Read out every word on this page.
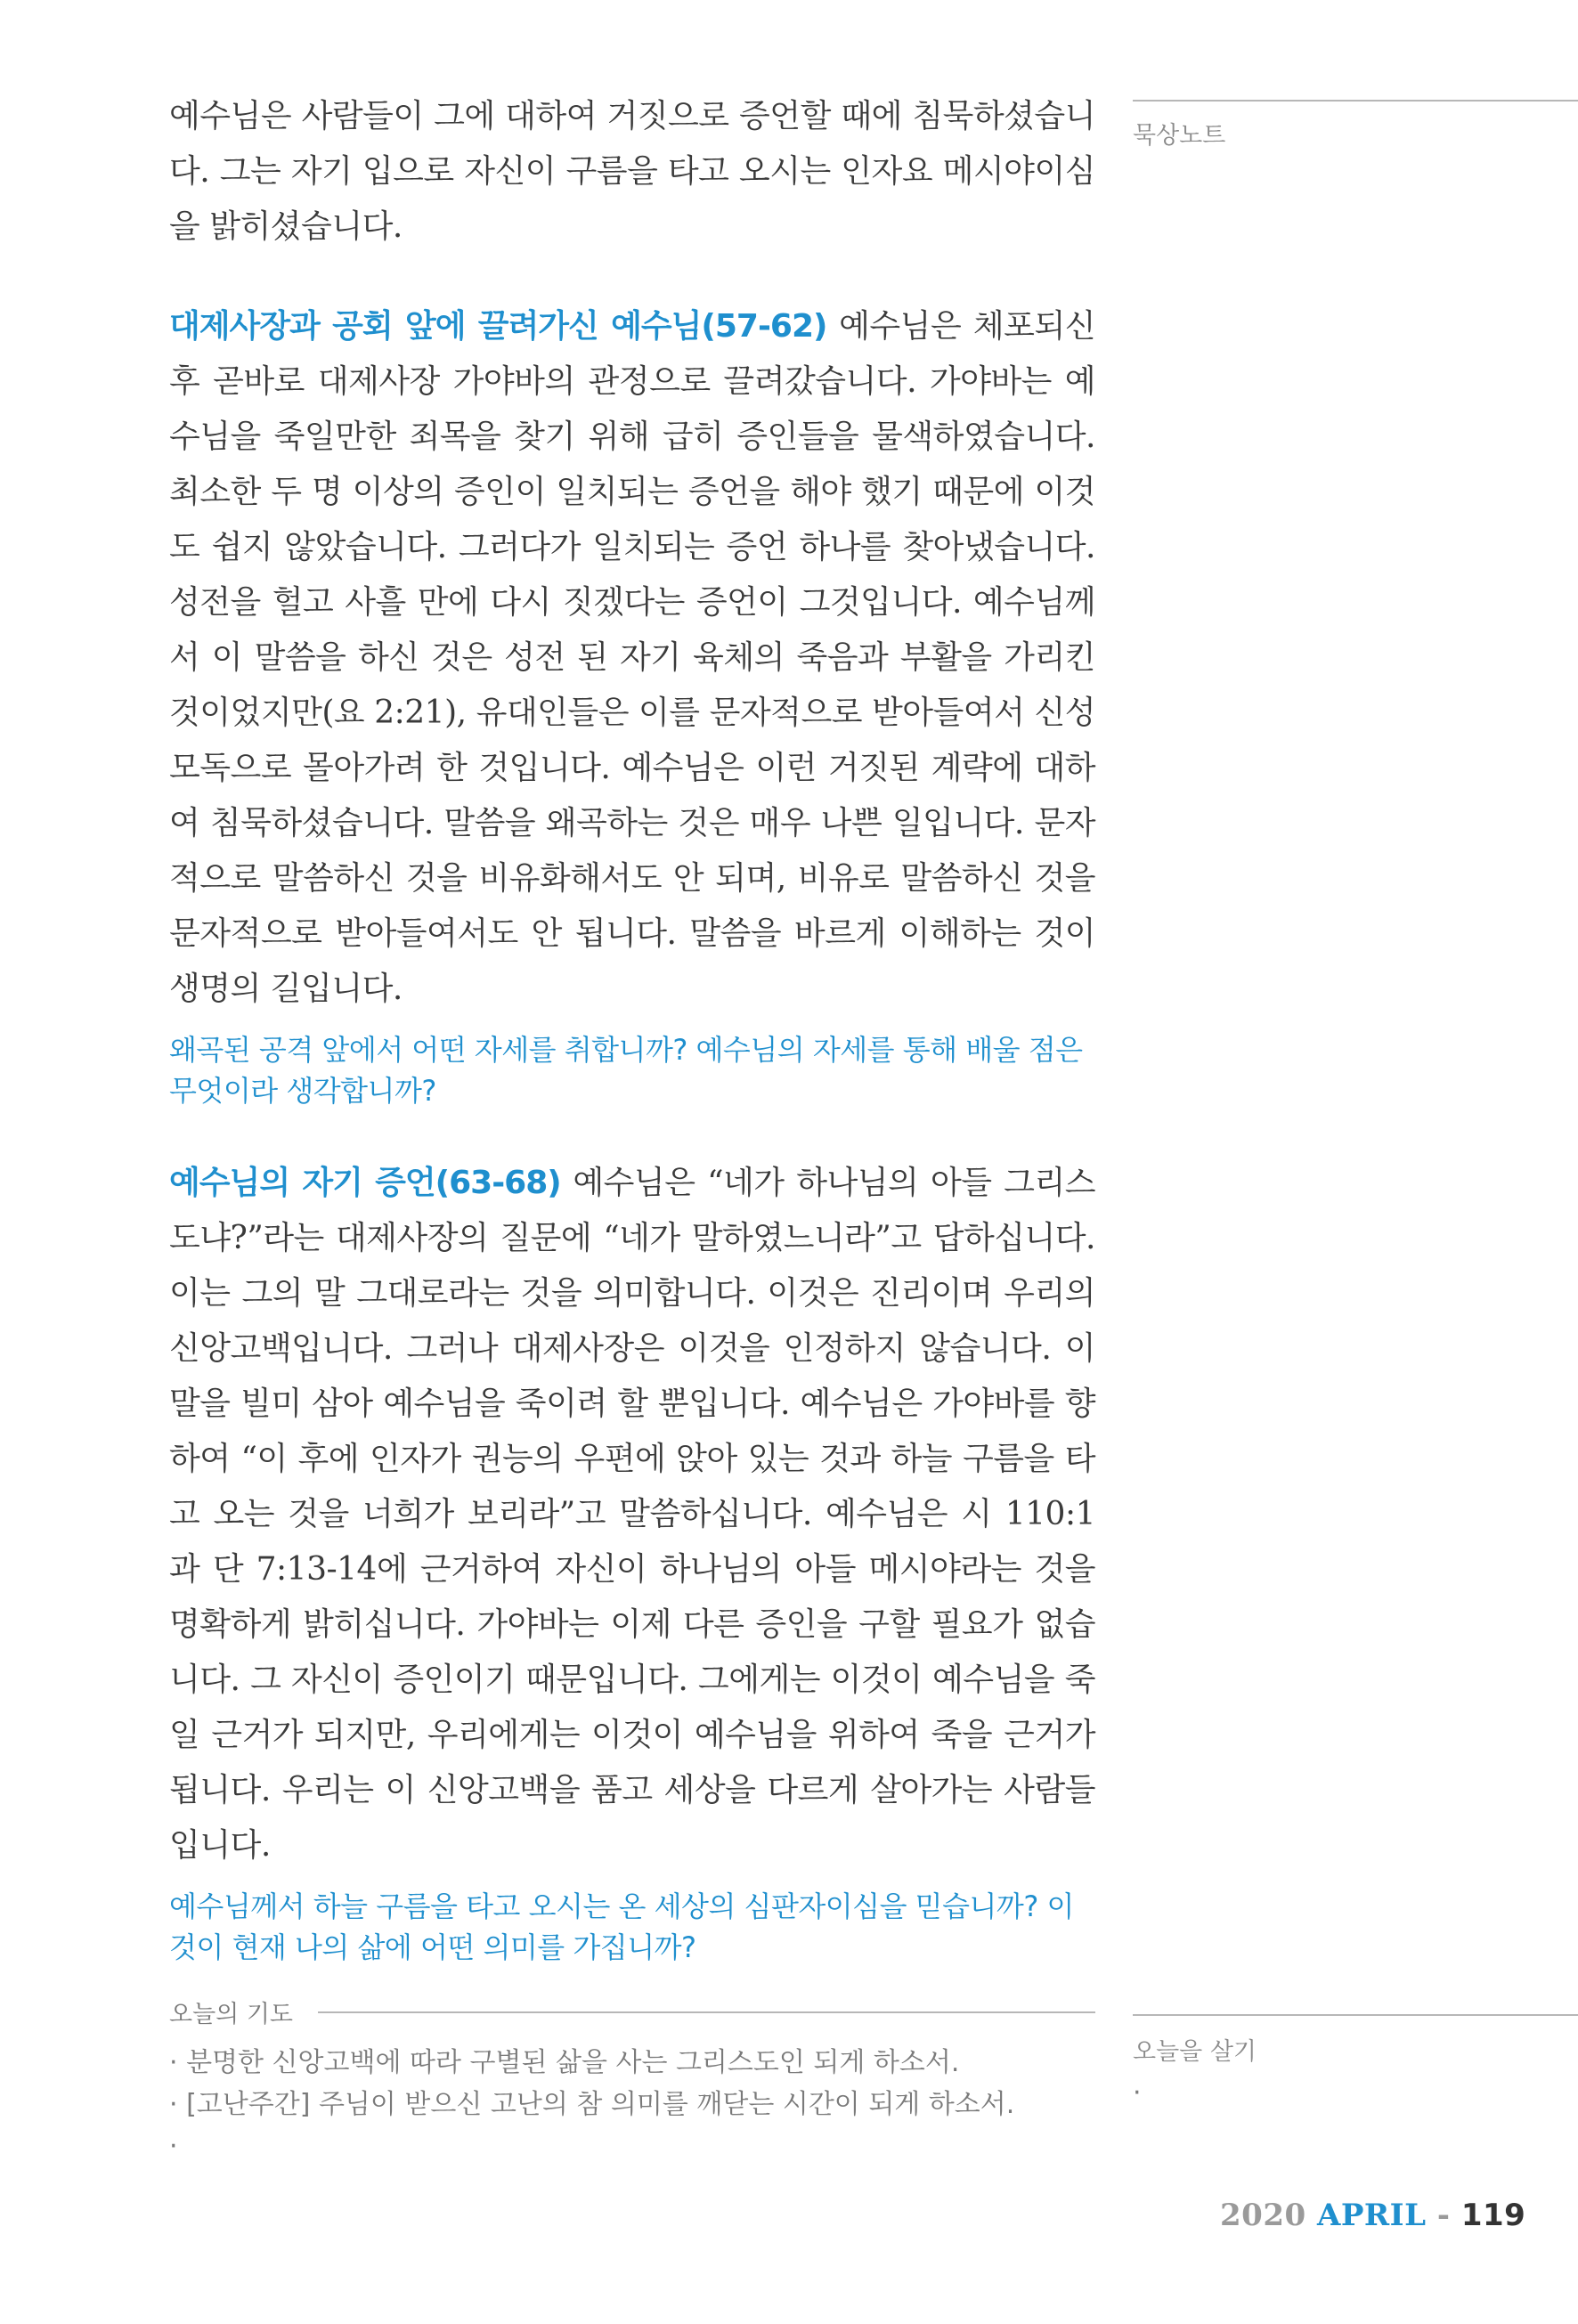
예수님은 사람들이 그에 대하여 거짓으로 증언할 때에 침묵하셨습니다. 그는 자기 입으로 자신이 구름을 타고 오시는 인자요 메시야이심을 밝히셨습니다.

대제사장과 공회 앞에 끌려가신 예수님(57-62) 예수님은 체포되신 후 곧바로 대제사장 가야바의 관정으로 끌려갔습니다. 가야바는 예수님을 죽일만한 죄목을 찾기 위해 급히 증인들을 물색하였습니다. 최소한 두 명 이상의 증인이 일치되는 증언을 해야 했기 때문에 이것도 쉽지 않았습니다. 그러다가 일치되는 증언 하나를 찾아냈습니다. 성전을 헐고 사흘 만에 다시 짓겠다는 증언이 그것입니다. 예수님께서 이 말씀을 하신 것은 성전 된 자기 육체의 죽음과 부활을 가리킨 것이었지만(요 2:21), 유대인들은 이를 문자적으로 받아들여서 신성모독으로 몰아가려 한 것입니다. 예수님은 이런 거짓된 계략에 대하여 침묵하셨습니다. 말씀을 왜곡하는 것은 매우 나쁜 일입니다. 문자적으로 말씀하신 것을 비유화해서도 안 되며, 비유로 말씀하신 것을 문자적으로 받아들여서도 안 됩니다. 말씀을 바르게 이해하는 것이 생명의 길입니다.

왜곡된 공격 앞에서 어떤 자세를 취합니까? 예수님의 자세를 통해 배울 점은 무엇이라 생각합니까?

예수님의 자기 증언(63-68) 예수님은 “네가 하나님의 아들 그리스도냐?”라는 대제사장의 질문에 “네가 말하였느니라”고 답하십니다. 이는 그의 말 그대로라는 것을 의미합니다. 이것은 진리이며 우리의 신앙고백입니다. 그러나 대제사장은 이것을 인정하지 않습니다. 이 말을 빌미 삼아 예수님을 죽이려 할 뿐입니다. 예수님은 가야바를 향하여 “이 후에 인자가 권능의 우편에 앉아 있는 것과 하늘 구름을 타고 오는 것을 너희가 보리라”고 말씀하십니다. 예수님은 시 110:1과 단 7:13-14에 근거하여 자신이 하나님의 아들 메시야라는 것을 명확하게 밝히십니다. 가야바는 이제 다른 증인을 구할 필요가 없습니다. 그 자신이 증인이기 때문입니다. 그에게는 이것이 예수님을 죽일 근거가 되지만, 우리에게는 이것이 예수님을 위하여 죽을 근거가 됩니다. 우리는 이 신앙고백을 품고 세상을 다르게 살아가는 사람들입니다.

예수님께서 하늘 구름을 타고 오시는 온 세상의 심판자이심을 믿습니까? 이것이 현재 나의 삶에 어떤 의미를 가집니까?

묵상노트
오늘의 기도
· 분명한 신앙고백에 따라 구별된 삶을 사는 그리스도인 되게 하소서.
· [고난주간] 주님이 받으신 고난의 참 의미를 깨닫는 시간이 되게 하소서.
·
오늘을 살기
·
2020 APRIL - 119
